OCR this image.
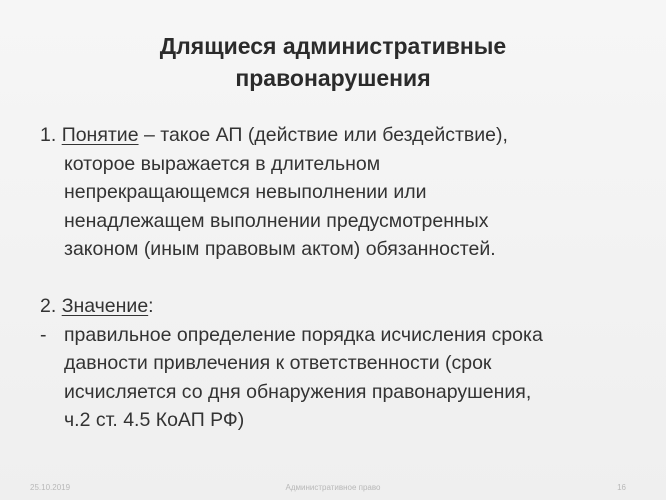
Длящиеся административные
правонарушения
1. Понятие – такое АП (действие или бездействие),
которое выражается в длительном
непрекращающемся невыполнении или
ненадлежащем выполнении предусмотренных
законом (иным правовым актом) обязанностей.
2. Значение:
- правильное определение порядка исчисления срока
давности привлечения к ответственности (срок
исчисляется со дня обнаружения правонарушения,
ч.2 ст. 4.5 КоАП РФ)
25.10.2019	Административное право	16
